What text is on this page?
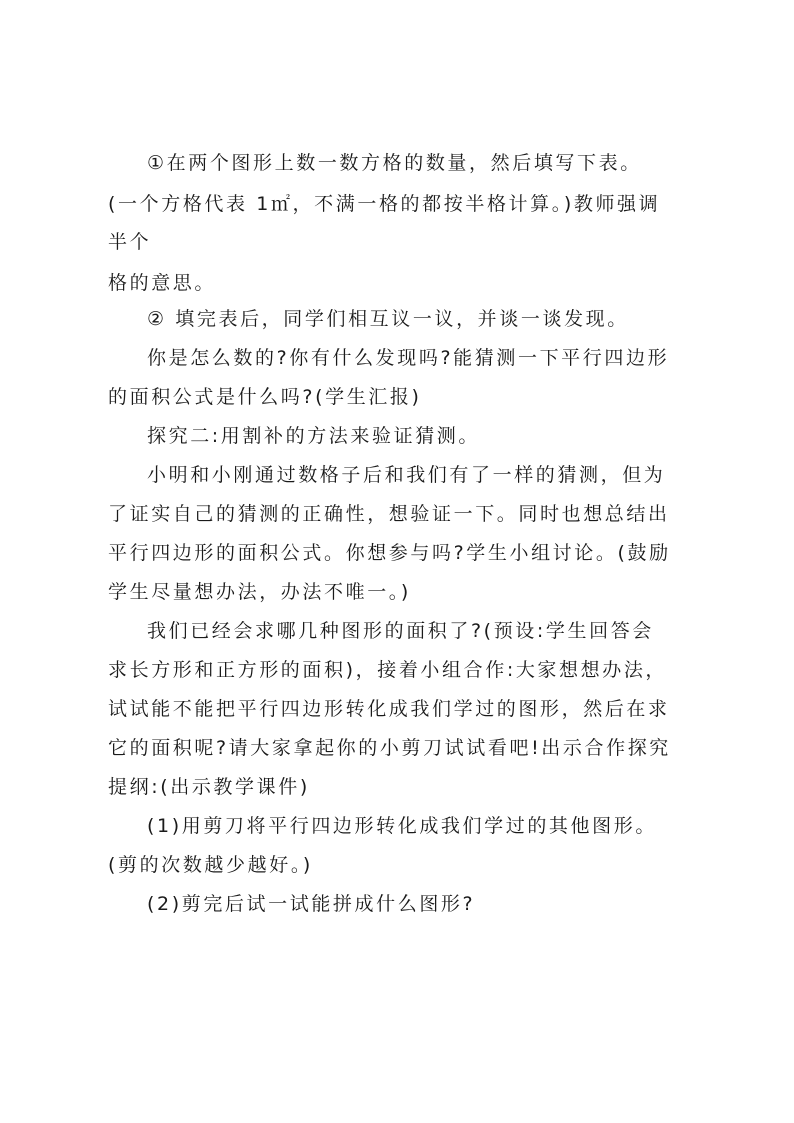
①在两个图形上数一数方格的数量，然后填写下表。
(一个方格代表 1㎡，不满一格的都按半格计算。)教师强调
半个
格的意思。
② 填完表后，同学们相互议一议，并谈一谈发现。
你是怎么数的?你有什么发现吗?能猜测一下平行四边形
的面积公式是什么吗?(学生汇报)
探究二:用割补的方法来验证猜测。
小明和小刚通过数格子后和我们有了一样的猜测，但为
了证实自己的猜测的正确性，想验证一下。同时也想总结出
平行四边形的面积公式。你想参与吗?学生小组讨论。(鼓励
学生尽量想办法，办法不唯一。)
我们已经会求哪几种图形的面积了?(预设:学生回答会
求长方形和正方形的面积)，接着小组合作:大家想想办法，
试试能不能把平行四边形转化成我们学过的图形，然后在求
它的面积呢?请大家拿起你的小剪刀试试看吧!出示合作探究
提纲:(出示教学课件)
(1)用剪刀将平行四边形转化成我们学过的其他图形。
(剪的次数越少越好。)
(2)剪完后试一试能拼成什么图形?
